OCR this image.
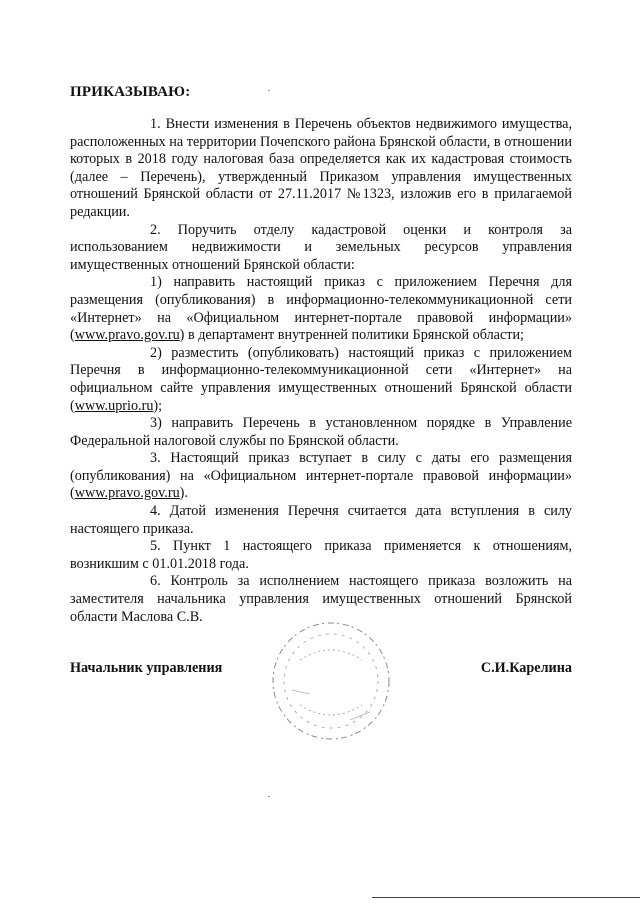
ПРИКАЗЫВАЮ:

1. Внести изменения в Перечень объектов недвижимого имущества, расположенных на территории Почепского района Брянской области, в отношении которых в 2018 году налоговая база определяется как их кадастровая стоимость (далее – Перечень), утвержденный Приказом управления имущественных отношений Брянской области от 27.11.2017 №1323, изложив его в прилагаемой редакции.

2. Поручить отделу кадастровой оценки и контроля за использованием недвижимости и земельных ресурсов управления имущественных отношений Брянской области:

1) направить настоящий приказ с приложением Перечня для размещения (опубликования) в информационно-телекоммуникационной сети «Интернет» на «Официальном интернет-портале правовой информации» (www.pravo.gov.ru) в департамент внутренней политики Брянской области;

2) разместить (опубликовать) настоящий приказ с приложением Перечня в информационно-телекоммуникационной сети «Интернет» на официальном сайте управления имущественных отношений Брянской области (www.uprio.ru);

3) направить Перечень в установленном порядке в Управление Федеральной налоговой службы по Брянской области.

3. Настоящий приказ вступает в силу с даты его размещения (опубликования) на «Официальном интернет-портале правовой информации» (www.pravo.gov.ru).

4. Датой изменения Перечня считается дата вступления в силу настоящего приказа.

5. Пункт 1 настоящего приказа применяется к отношениям, возникшим с 01.01.2018 года.

6. Контроль за исполнением настоящего приказа возложить на заместителя начальника управления имущественных отношений Брянской области Маслова С.В.

Начальник управления	С.И.Карелина
